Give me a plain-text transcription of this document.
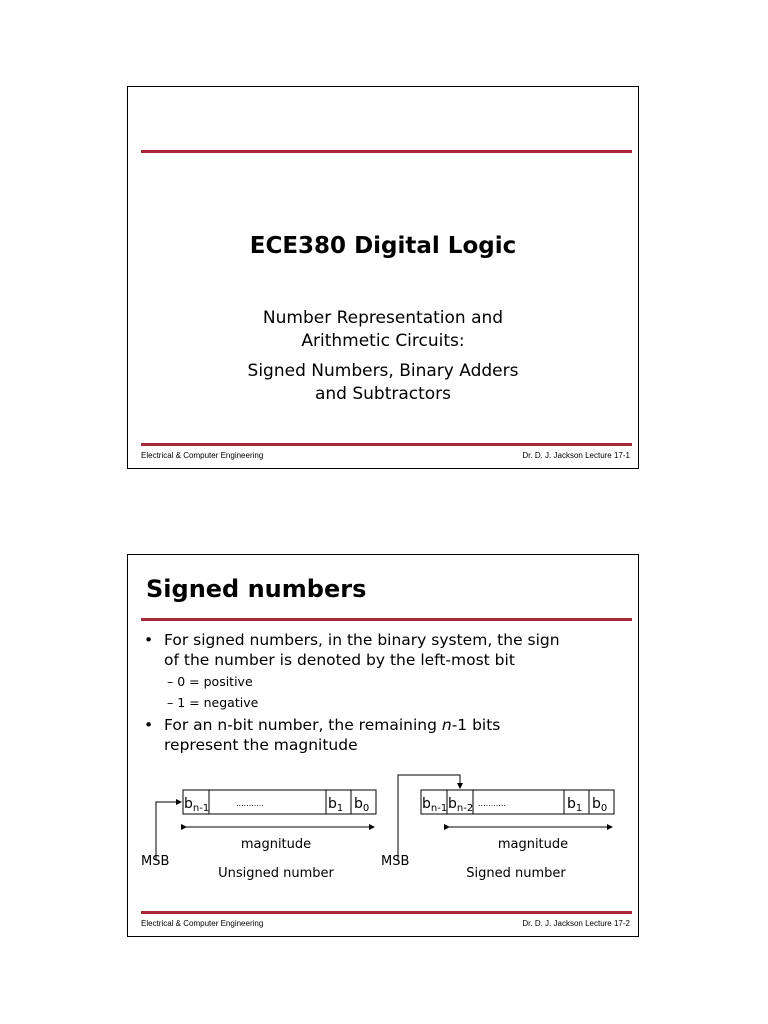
ECE380 Digital Logic
Number Representation and
Arithmetic Circuits:
Signed Numbers, Binary Adders
and Subtractors
Electrical & Computer Engineering	Dr. D. J. Jackson Lecture 17-1
Signed numbers
• For signed numbers, in the binary system, the sign
of the number is denoted by the left-most bit
– 0 = positive
– 1 = negative
• For an n-bit number, the remaining n-1 bits
represent the magnitude
$b_{n-1}$	...........	$b_1$ $b_0$
magnitude
MSB
Unsigned number
$b_{n-1}$ $b_{n-2}$ ...........	$b_1$ $b_0$
magnitude
MSB
Signed number
Electrical & Computer Engineering	Dr. D. J. Jackson Lecture 17-2
